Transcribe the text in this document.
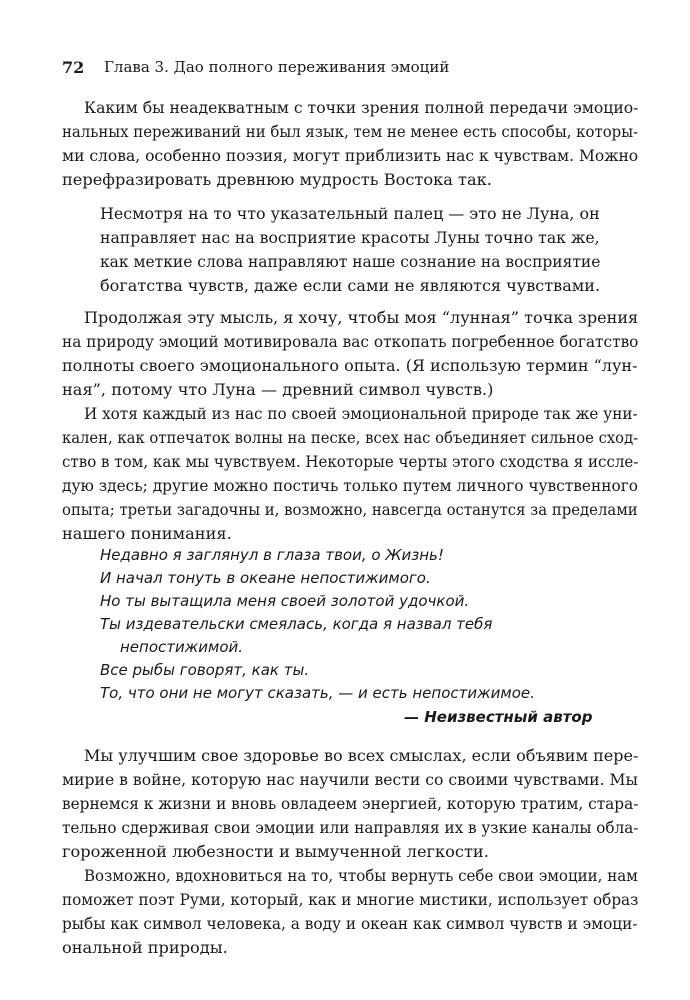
72 Глава 3. Дао полного переживания эмоций
Каким бы неадекватным с точки зрения полной передачи эмоцио-
нальных переживаний ни был язык, тем не менее есть способы, которы-
ми слова, особенно поэзия, могут приблизить нас к чувствам. Можно
перефразировать древнюю мудрость Востока так.
Несмотря на то что указательный палец — это не Луна, он
направляет нас на восприятие красоты Луны точно так же,
как меткие слова направляют наше сознание на восприятие
богатства чувств, даже если сами не являются чувствами.
Продолжая эту мысль, я хочу, чтобы моя “лунная” точка зрения
на природу эмоций мотивировала вас откопать погребенное богатство
полноты своего эмоционального опыта. (Я использую термин “лун-
ная”, потому что Луна — древний символ чувств.)
И хотя каждый из нас по своей эмоциональной природе так же уни-
кален, как отпечаток волны на песке, всех нас объединяет сильное сход-
ство в том, как мы чувствуем. Некоторые черты этого сходства я иссле-
дую здесь; другие можно постичь только путем личного чувственного
опыта; третьи загадочны и, возможно, навсегда останутся за пределами
нашего понимания.
Недавно я заглянул в глаза твои, о Жизнь!
И начал тонуть в океане непостижимого.
Но ты вытащила меня своей золотой удочкой.
Ты издевательски смеялась, когда я назвал тебя
непостижимой.
Все рыбы говорят, как ты.
То, что они не могут сказать, — и есть непостижимое.
— Неизвестный автор
Мы улучшим свое здоровье во всех смыслах, если объявим пере-
мирие в войне, которую нас научили вести со своими чувствами. Мы
вернемся к жизни и вновь овладеем энергией, которую тратим, старa-
тельно сдерживая свои эмоции или направляя их в узкие каналы обла-
гороженной любезности и вымученной легкости.
Возможно, вдохновиться на то, чтобы вернуть себе свои эмоции, нам
поможет поэт Руми, который, как и многие мистики, использует образ
рыбы как символ человека, а воду и океан как символ чувств и эмоци-
ональной природы.
